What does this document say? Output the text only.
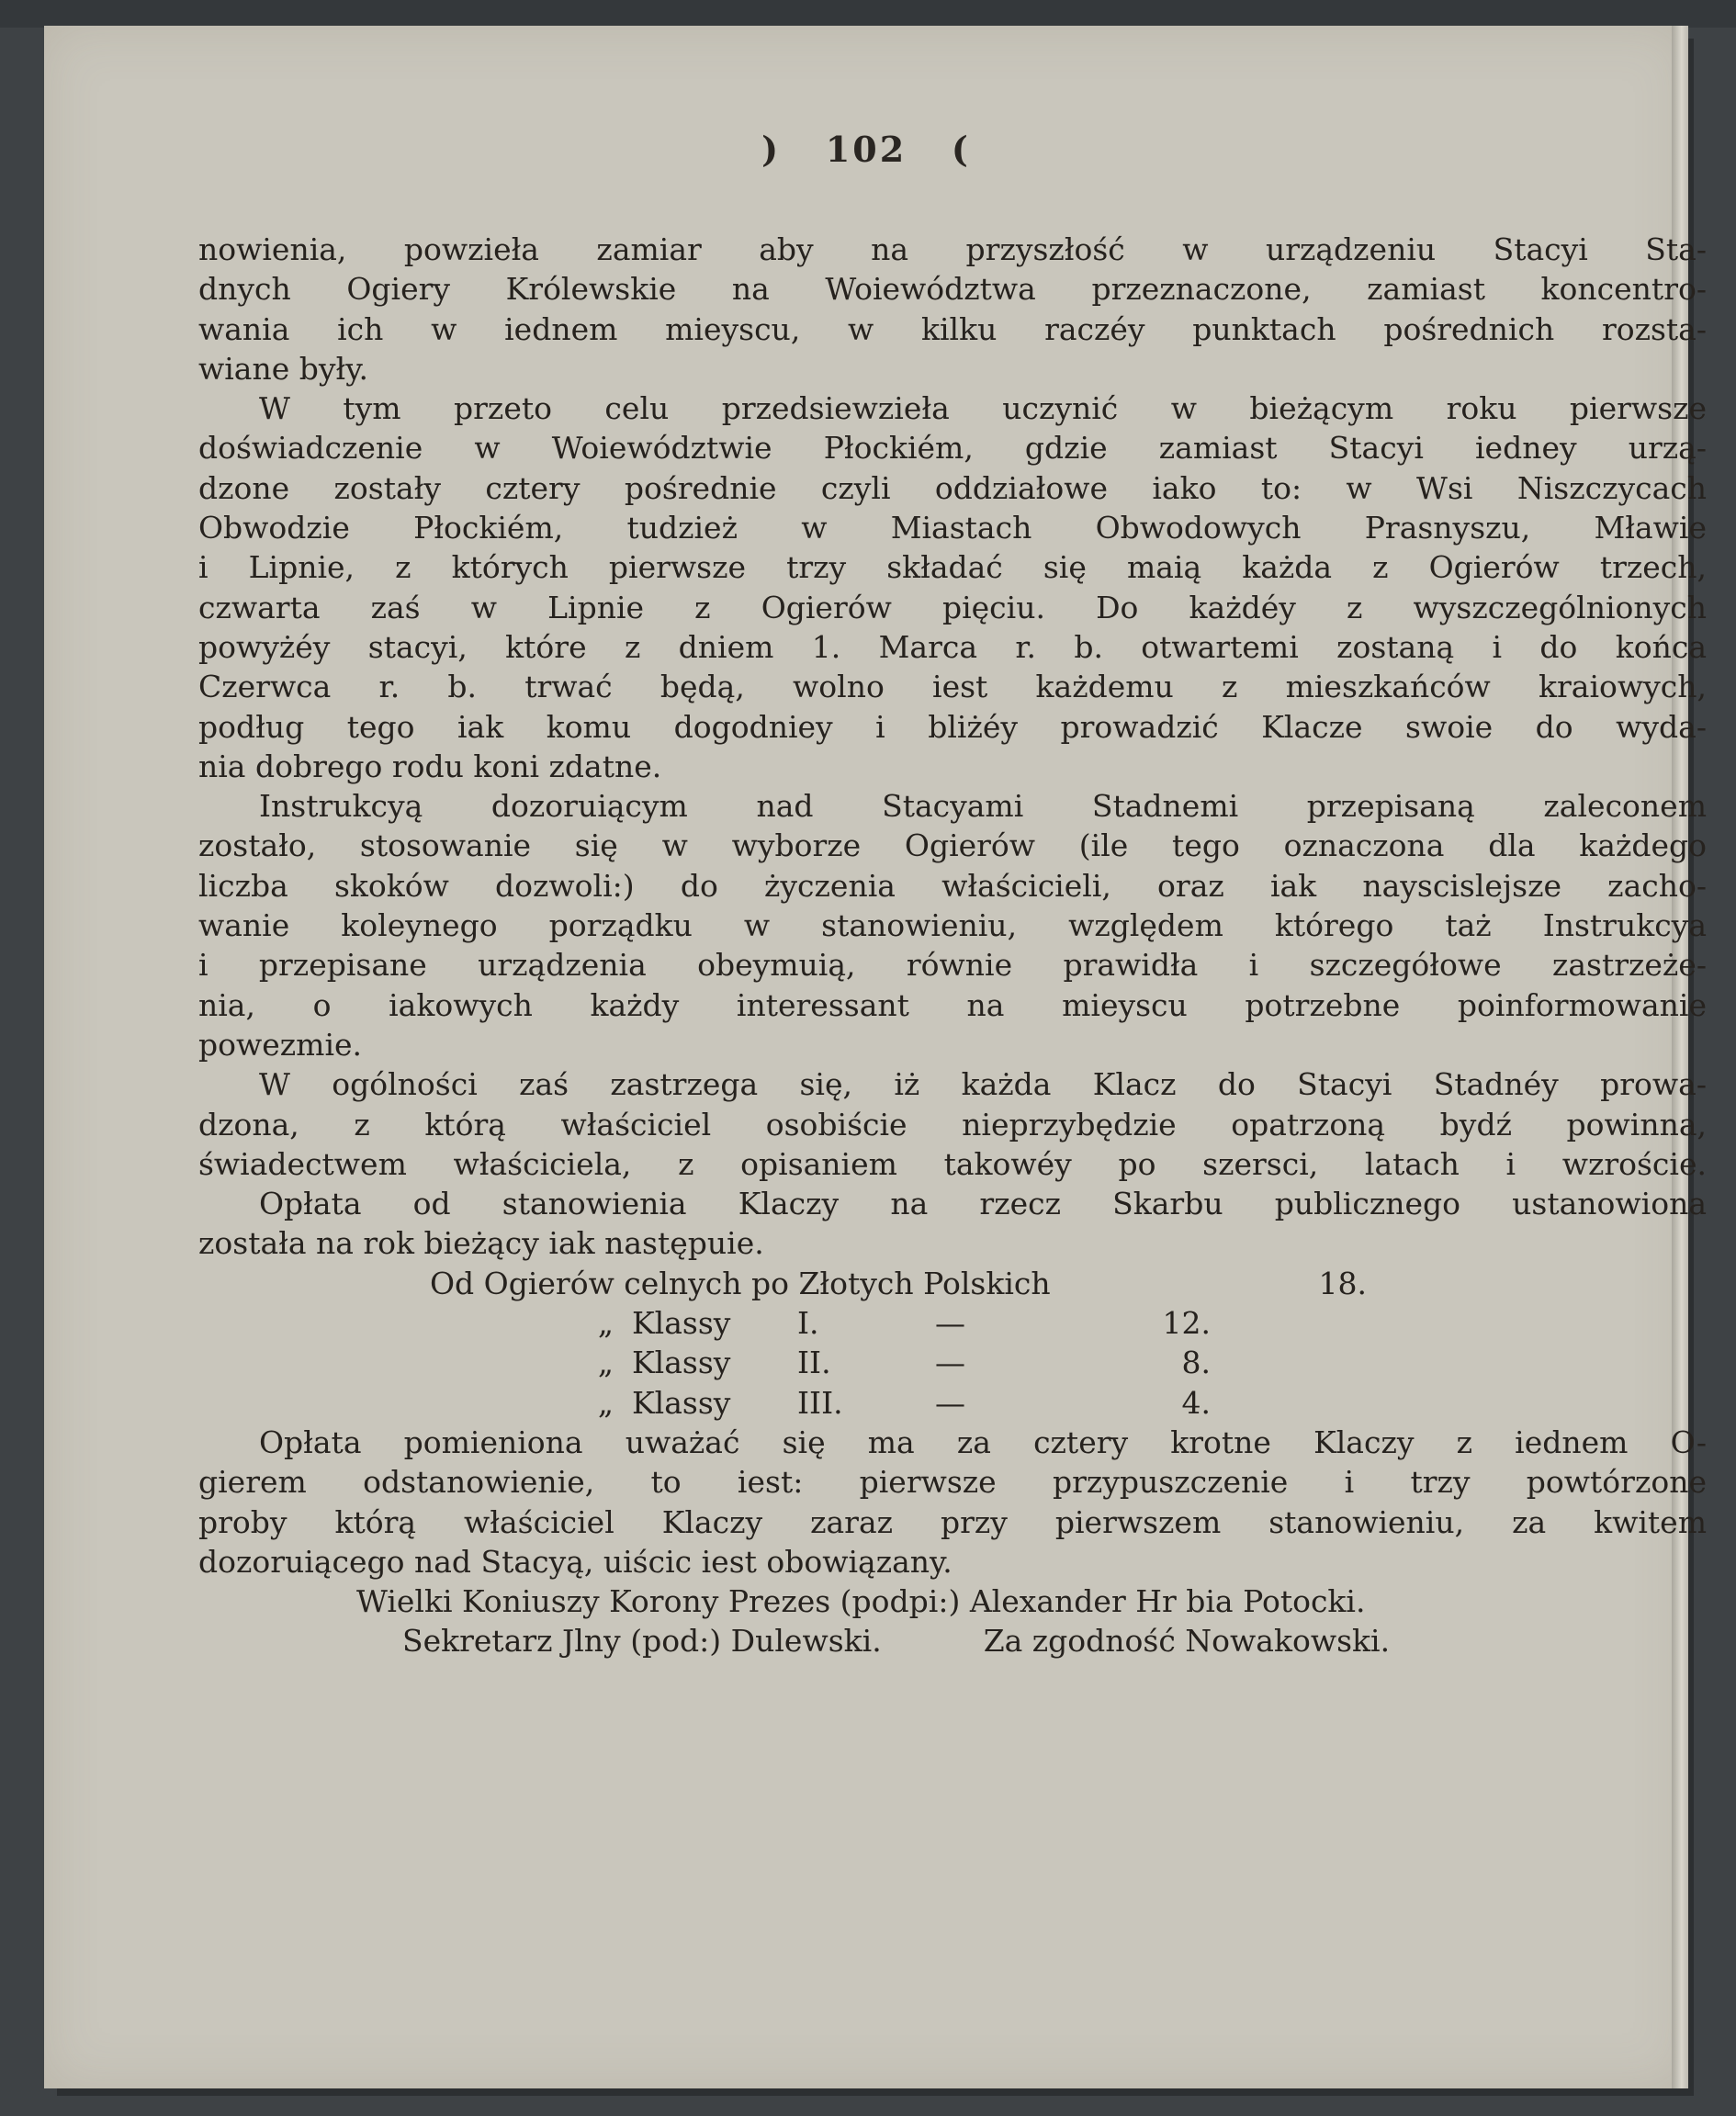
) 102 (
nowienia, powzieła zamiar aby na przyszłość w urządzeniu Stacyi Sta-
dnych Ogiery Królewskie na Woiewództwa przeznaczone, zamiast koncentro-
wania ich w iednem mieyscu, w kilku raczéy punktach pośrednich rozsta-
wiane były.
W tym przeto celu przedsiewzieła uczynić w bieżącym roku pierwsze
doświadczenie w Woiewództwie Płockiém, gdzie zamiast Stacyi iedney urzą-
dzone zostały cztery pośrednie czyli oddziałowe iako to: w Wsi Niszczycach
Obwodzie Płockiém, tudzież w Miastach Obwodowych Prasnyszu, Mławie
i Lipnie, z których pierwsze trzy składać się maią każda z Ogierów trzech,
czwarta zaś w Lipnie z Ogierów pięciu. Do każdéy z wyszczególnionych
powyżéy stacyi, które z dniem 1. Marca r. b. otwartemi zostaną i do końca
Czerwca r. b. trwać będą, wolno iest każdemu z mieszkańców kraiowych,
podług tego iak komu dogodniey i bliżéy prowadzić Klacze swoie do wyda-
nia dobrego rodu koni zdatne.
Instrukcyą dozoruiącym nad Stacyami Stadnemi przepisaną zaleconem
zostało, stosowanie się w wyborze Ogierów (ile tego oznaczona dla każdego
liczba skoków dozwoli:) do życzenia właścicieli, oraz iak nayscislejsze zacho-
wanie koleynego porządku w stanowieniu, względem którego taż Instrukcya
i przepisane urządzenia obeymuią, równie prawidła i szczegółowe zastrzeże-
nia, o iakowych każdy interessant na mieyscu potrzebne poinformowanie
powezmie.
W ogólności zaś zastrzega się, iż każda Klacz do Stacyi Stadnéy prowa-
dzona, z którą właściciel osobiście nieprzybędzie opatrzoną bydź powinna,
świadectwem właściciela, z opisaniem takowéy po szersci, latach i wzroście.
Opłata od stanowienia Klaczy na rzecz Skarbu publicznego ustanowiona
została na rok bieżący iak następuie.
Od Ogierów celnych po Złotych Polskich	18.
„ Klassy	I.	—	12.
„ Klassy	II.	—	8.
„ Klassy	III.	—	4.
Opłata pomieniona uważać się ma za cztery krotne Klaczy z iednem O-
gierem odstanowienie, to iest: pierwsze przypuszczenie i trzy powtórzone
proby którą właściciel Klaczy zaraz przy pierwszem stanowieniu, za kwitem
dozoruiącego nad Stacyą, uiścic iest obowiązany.
Wielki Koniuszy Korony Prezes (podpi:) Alexander Hr bia Potocki.
Sekretarz Jlny (pod:) Dulewski.	Za zgodność Nowakowski.
